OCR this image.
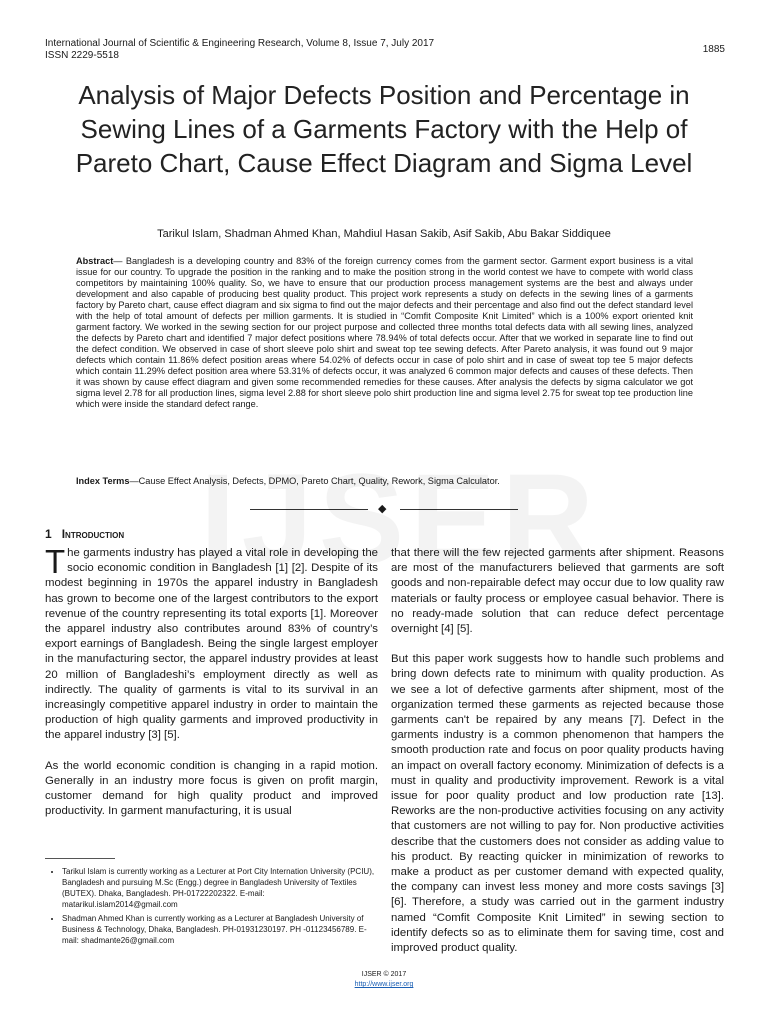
International Journal of Scientific & Engineering Research, Volume 8, Issue 7, July 2017
ISSN 2229-5518
1885
Analysis of Major Defects Position and Percentage in Sewing Lines of a Garments Factory with the Help of Pareto Chart, Cause Effect Diagram and Sigma Level
Tarikul Islam, Shadman Ahmed Khan, Mahdiul Hasan Sakib, Asif Sakib, Abu Bakar Siddiquee

Abstract— Bangladesh is a developing country and 83% of the foreign currency comes from the garment sector. Garment export business is a vital issue for our country. To upgrade the position in the ranking and to make the position strong in the world contest we have to compete with world class competitors by maintaining 100% quality. So, we have to ensure that our production process management systems are the best and always under development and also capable of producing best quality product. This project work represents a study on defects in the sewing lines of a garments factory by Pareto chart, cause effect diagram and six sigma to find out the major defects and their percentage and also find out the defect standard level with the help of total amount of defects per million garments. It is studied in “Comfit Composite Knit Limited” which is a 100% export oriented knit garment factory. We worked in the sewing section for our project purpose and collected three months total defects data with all sewing lines, analyzed the defects by Pareto chart and identified 7 major defect positions where 78.94% of total defects occur. After that we worked in separate line to find out the defect condition. We observed in case of short sleeve polo shirt and sweat top tee sewing defects. After Pareto analysis, it was found out 9 major defects which contain 11.86% defect position areas where 54.02% of defects occur in case of polo shirt and in case of sweat top tee 5 major defects which contain 11.29% defect position area where 53.31% of defects occur, it was analyzed 6 common major defects and causes of these defects. Then it was shown by cause effect diagram and given some recommended remedies for these causes. After analysis the defects by sigma calculator we got sigma level 2.78 for all production lines, sigma level 2.88 for short sleeve polo shirt production line and sigma level 2.75 for sweat top tee production line which were inside the standard defect range.

Index Terms—Cause Effect Analysis, Defects, DPMO, Pareto Chart, Quality, Rework, Sigma Calculator.

◆
1 Introduction

The garments industry has played a vital role in developing the socio economic condition in Bangladesh [1] [2]. Despite of its modest beginning in 1970s the apparel industry in Bangladesh has grown to become one of the largest contributors to the export revenue of the country representing its total exports [1]. Moreover the apparel industry also contributes around 83% of country’s export earnings of Bangladesh. Being the single largest employer in the manufacturing sector, the apparel industry provides at least 20 million of Bangladeshi’s employment directly as well as indirectly. The quality of garments is vital to its survival in an increasingly competitive apparel industry in order to maintain the production of high quality garments and improved productivity in the apparel industry [3] [5].

As the world economic condition is changing in a rapid motion. Generally in an industry more focus is given on profit margin, customer demand for high quality product and improved productivity. In garment manufacturing, it is usual

that there will the few rejected garments after shipment. Reasons are most of the manufacturers believed that garments are soft goods and non-repairable defect may occur due to low quality raw materials or faulty process or employee casual behavior. There is no ready-made solution that can reduce defect percentage overnight [4] [5].

But this paper work suggests how to handle such problems and bring down defects rate to minimum with quality production. As we see a lot of defective garments after shipment, most of the organization termed these garments as rejected because those garments can't be repaired by any means [7]. Defect in the garments industry is a common phenomenon that hampers the smooth production rate and focus on poor quality products having an impact on overall factory economy. Minimization of defects is a must in quality and productivity improvement. Rework is a vital issue for poor quality product and low production rate [13]. Reworks are the non-productive activities focusing on any activity that customers are not willing to pay for. Non productive activities describe that the customers does not consider as adding value to his product. By reacting quicker in minimization of reworks to make a product as per customer demand with expected quality, the company can invest less money and more costs savings [3][6]. Therefore, a study was carried out in the garment industry named “Comfit Composite Knit Limited” in sewing section to identify defects so as to eliminate them for saving time, cost and improved product quality.

• Tarikul Islam is currently working as a Lecturer at Port City Internation University (PCIU), Bangladesh and pursuing M.Sc (Engg.) degree in Bangladesh University of Textiles (BUTEX). Dhaka, Bangladesh. PH-01722202322. E-mail: matarikul.islam2014@gmail.com
• Shadman Ahmed Khan is currently working as a Lecturer at Bangladesh University of Business & Technology, Dhaka, Bangladesh. PH-01931230197. PH -01123456789. E-mail: shadmante26@gmail.com
IJSER © 2017
http://www.ijser.org
